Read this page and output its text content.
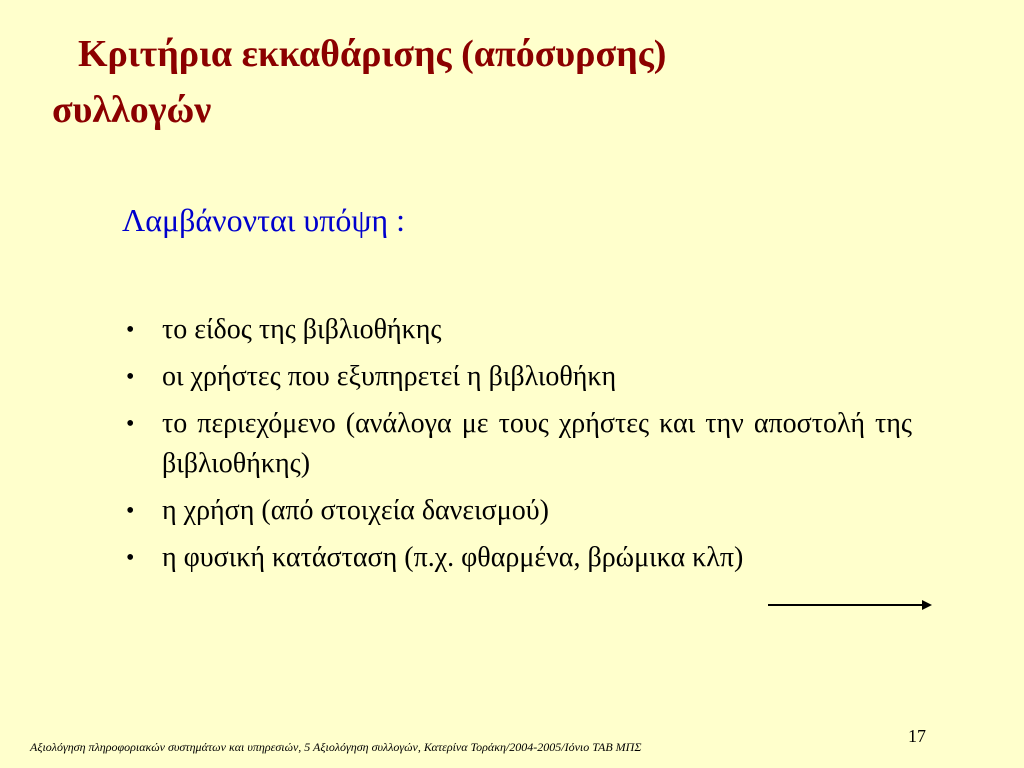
Κριτήρια εκκαθάρισης (απόσυρσης)
συλλογών

Λαμβάνονται υπόψη :

• το είδος της βιβλιοθήκης
• οι χρήστες που εξυπηρετεί η βιβλιοθήκη
• το περιεχόμενο (ανάλογα με τους χρήστες και την αποστολή της βιβλιοθήκης)
• η χρήση (από στοιχεία δανεισμού)
• η φυσική κατάσταση (π.χ. φθαρμένα, βρώμικα κλπ)
Αξιολόγηση πληροφοριακών συστημάτων και υπηρεσιών, 5 Αξιολόγηση συλλογών, Κατερίνα Τοράκη/2004-2005/Ιόνιο ΤΑΒ ΜΠΣ
17
